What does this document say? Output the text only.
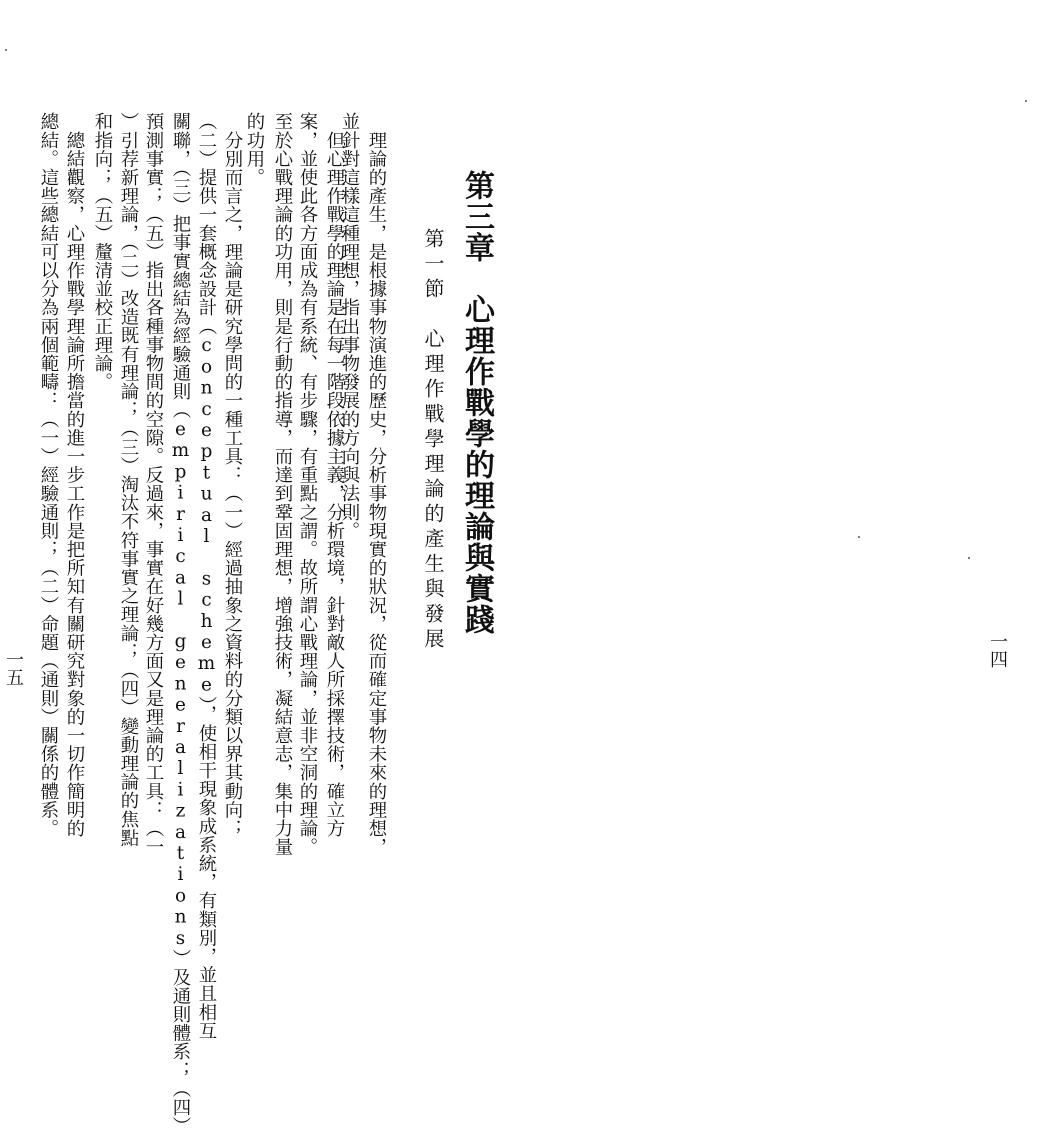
第三章　心理作戰學的理論與實踐
第一節　心理作戰學理論的產生與發展
　理論的產生，是根據事物演進的歷史，分析事物現實的狀況，從而確定事物未來的理想，
並針對這樣這種理想，指出事物發展的方向與法則。
　但心理作戰學的理論是在每一階段依據主義，分析環境，針對敵人所採擇技術，確立方
案，並使此各方面成為有系統、有步驟，有重點之謂。故所謂心戰理論，並非空洞的理論。
至於心戰理論的功用，則是行動的指導，而達到鞏固理想，增強技術，凝結意志，集中力量
的功用。
　分別而言之，理論是研究學問的一種工具：（一）經過抽象之資料的分類以界其動向；
（二）提供一套概念設計（conceptual scheme），使相干現象成系統，有類別，並且相互
關聯，（三）把事實總結為經驗通則（empirical generalizations）及通則體系；（四）
預測事實；（五）指出各種事物間的空隙。反過來，事實在好幾方面又是理論的工具：（一
）引荐新理論，（二）改造既有理論；（三）淘汰不符事實之理論；（四）變動理論的焦點
和指向；（五）釐清並校正理論。
　總結觀察，心理作戰學理論所擔當的進一步工作是把所知有關研究對象的一切作簡明的
總結。這些總結可以分為兩個範疇：（一）經驗通則；（二）命題（通則）關係的體系。	一四
一五
